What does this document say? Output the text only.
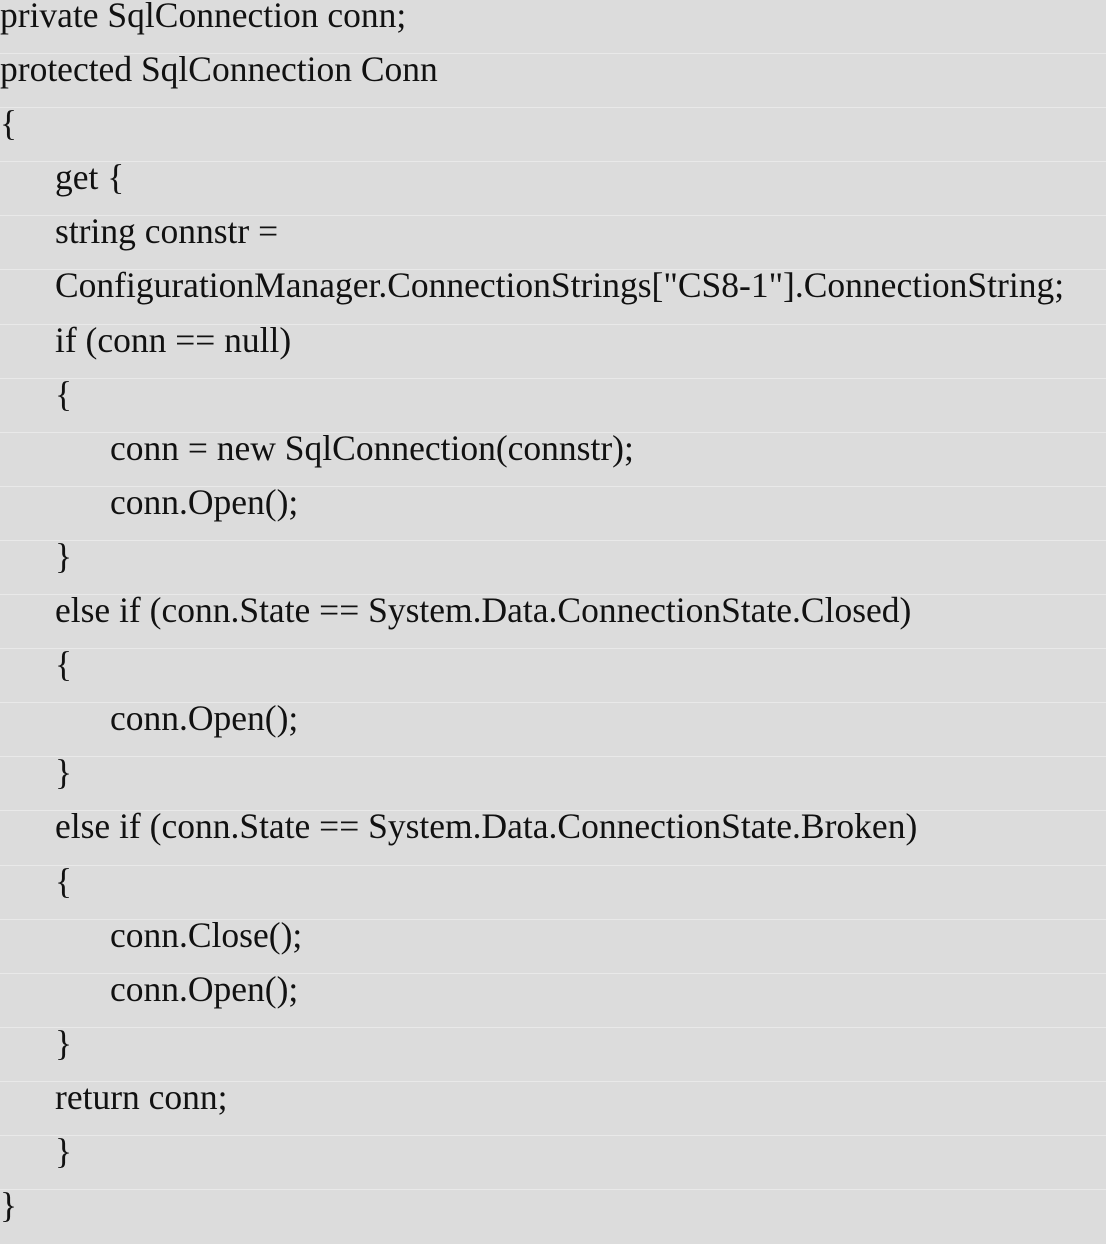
private SqlConnection conn;
protected SqlConnection Conn
{
get {
string connstr =
ConfigurationManager.ConnectionStrings["CS8-1"].ConnectionString;
if (conn == null)
{
conn = new SqlConnection(connstr);
conn.Open();
}
else if (conn.State == System.Data.ConnectionState.Closed)
{
conn.Open();
}
else if (conn.State == System.Data.ConnectionState.Broken)
{
conn.Close();
conn.Open();
}
return conn;
}
}
